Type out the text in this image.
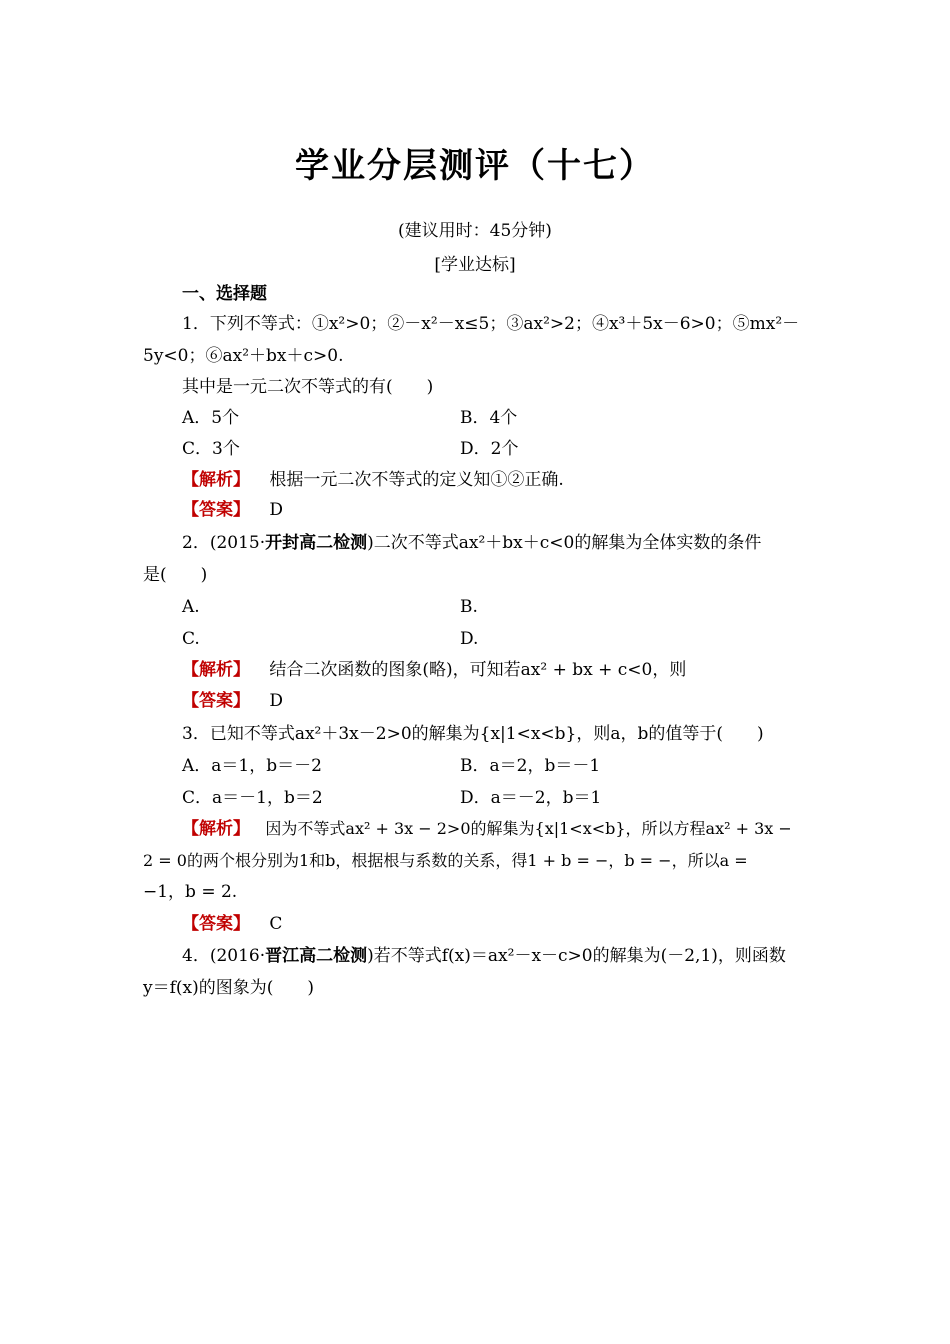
学业分层测评（十七）
(建议用时：45分钟)
[学业达标]
一、选择题
1．下列不等式：①x²>0；②－x²－x≤5；③ax²>2；④x³＋5x－6>0；⑤mx²－
5y<0；⑥ax²＋bx＋c>0.
其中是一元二次不等式的有(　　)
A．5个	B．4个
C．3个	D．2个
【解析】 根据一元二次不等式的定义知①②正确.
【答案】 D
2．(2015·开封高二检测)二次不等式ax²＋bx＋c<0的解集为全体实数的条件
是(　　)
A.	B.
C.	D.
【解析】 结合二次函数的图象(略)，可知若ax² + bx + c<0，则
【答案】 D
3．已知不等式ax²＋3x－2>0的解集为{x|1<x<b}，则a，b的值等于(　　)
A．a＝1，b＝－2	B．a＝2，b＝－1
C．a＝－1，b＝2	D．a＝－2，b＝1
【解析】 因为不等式ax² + 3x − 2>0的解集为{x|1<x<b}，所以方程ax² + 3x −
2 = 0的两个根分别为1和b，根据根与系数的关系，得1 + b = −，b = −，所以a =
−1，b = 2.
【答案】 C
4．(2016·晋江高二检测)若不等式f(x)＝ax²－x－c>0的解集为(－2,1)，则函数
y＝f(x)的图象为(　　)
